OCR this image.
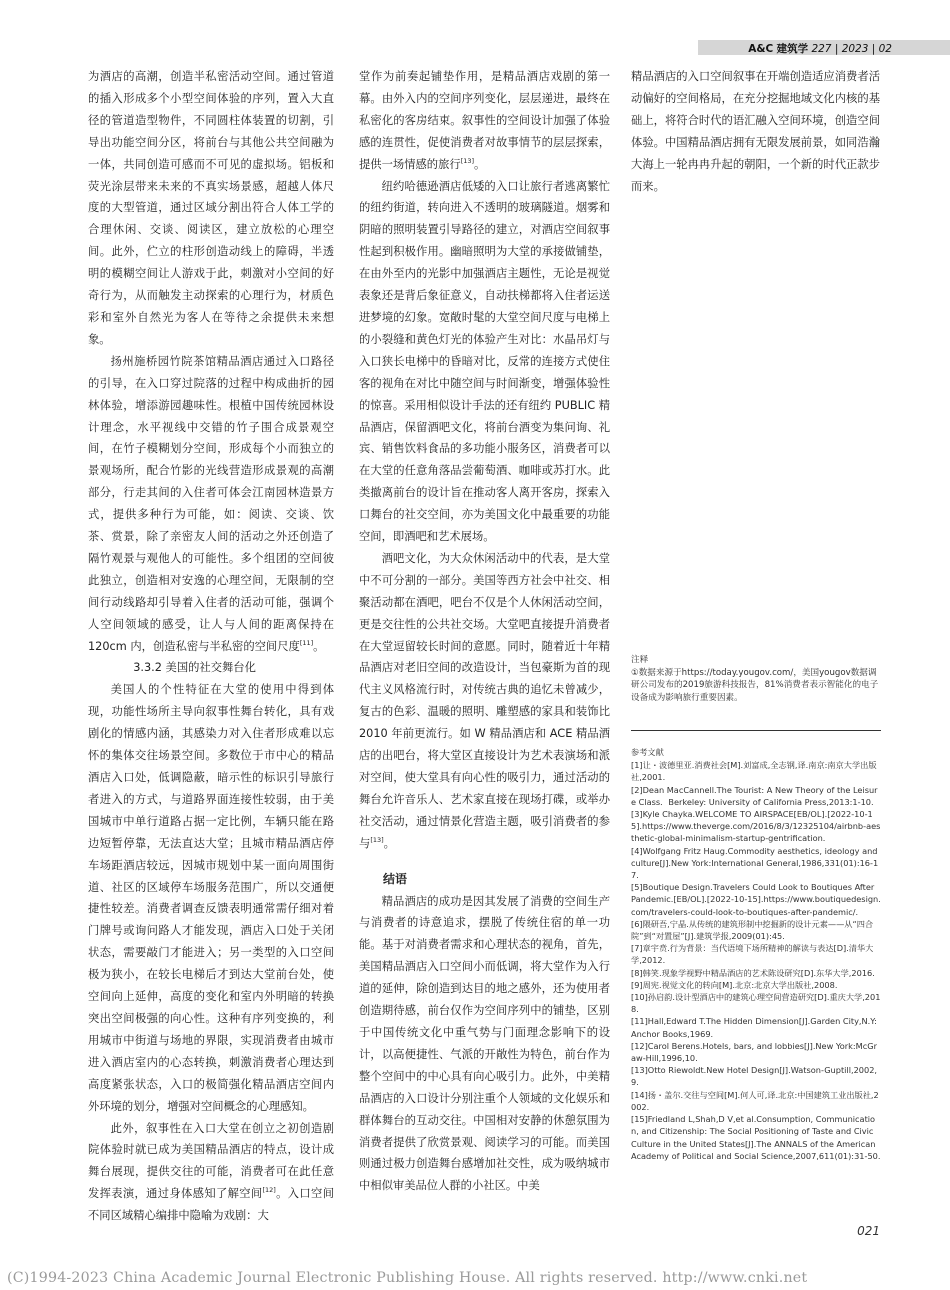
A&C 建筑学 227 | 2023 | 02

为酒店的高潮，创造半私密活动空间。通过管道的插入形成多个小型空间体验的序列，置入大直径的管道造型物件，不同圆柱体装置的切割，引导出功能空间分区，将前台与其他公共空间融为一体，共同创造可感而不可见的虚拟场。铝板和荧光涂层带来未来的不真实场景感，超越人体尺度的大型管道，通过区域分割出符合人体工学的合理休闲、交谈、阅读区，建立放松的心理空间。此外，伫立的柱形创造动线上的障碍，半透明的模糊空间让人游戏于此，刺激对小空间的好奇行为，从而触发主动探索的心理行为，材质色彩和室外自然光为客人在等待之余提供未来想象。

扬州施桥园竹院茶馆精品酒店通过入口路径的引导，在入口穿过院落的过程中构成曲折的园林体验，增添游园趣味性。根植中国传统园林设计理念，水平视线中交错的竹子围合成景观空间，在竹子模糊划分空间，形成每个小而独立的景观场所，配合竹影的光线营造形成景观的高潮部分，行走其间的入住者可体会江南园林造景方式，提供多种行为可能，如：阅读、交谈、饮茶、赏景，除了亲密友人间的活动之外还创造了隔竹观景与观他人的可能性。多个组团的空间彼此独立，创造相对安逸的心理空间，无限制的空间行动线路却引导着入住者的活动可能，强调个人空间领域的感受，让人与人间的距离保持在 120cm 内，创造私密与半私密的空间尺度[11]。

3.3.2 美国的社交舞台化

美国人的个性特征在大堂的使用中得到体现，功能性场所主导向叙事性舞台转化，具有戏剧化的情感内涵，其感染力对入住者形成难以忘怀的集体交往场景空间。多数位于市中心的精品酒店入口处，低调隐蔽，暗示性的标识引导旅行者进入的方式，与道路界面连接性较弱，由于美国城市中单行道路占据一定比例，车辆只能在路边短暂停靠，无法直达大堂；且城市精品酒店停车场距酒店较远，因城市规划中某一面向周围街道、社区的区域停车场服务范围广，所以交通便捷性较差。消费者调查反馈表明通常需仔细对着门牌号或询问路人才能发现，酒店入口处于关闭状态，需要敲门才能进入；另一类型的入口空间极为狭小，在较长电梯后才到达大堂前台处，使空间向上延伸，高度的变化和室内外明暗的转换突出空间极强的向心性。这种有序列变换的，利用城市中街道与场地的界限，实现消费者由城市进入酒店室内的心态转换，刺激消费者心理达到高度紧张状态，入口的极简强化精品酒店空间内外环境的划分，增强对空间概念的心理感知。

此外，叙事性在入口大堂在创立之初创造剧院体验时就已成为美国精品酒店的特点，设计成舞台展现，提供交往的可能，消费者可在此任意发挥表演，通过身体感知了解空间[12]。入口空间不同区域精心编排中隐喻为戏剧：大

堂作为前奏起铺垫作用，是精品酒店戏剧的第一幕。由外入内的空间序列变化，层层递进，最终在私密化的客房结束。叙事性的空间设计加强了体验感的连贯性，促使消费者对故事情节的层层探索，提供一场情感的旅行[13]。

纽约哈德逊酒店低矮的入口让旅行者逃离繁忙的纽约街道，转向进入不透明的玻璃隧道。烟雾和阴暗的照明装置引导路径的建立，对酒店空间叙事性起到积极作用。幽暗照明为大堂的承接做铺垫，在由外至内的光影中加强酒店主题性，无论是视觉表象还是背后象征意义，自动扶梯都将入住者运送进梦境的幻象。宽敞时髦的大堂空间尺度与电梯上的小裂缝和黄色灯光的体验产生对比：水晶吊灯与入口狭长电梯中的昏暗对比，反常的连接方式使住客的视角在对比中随空间与时间渐变，增强体验性的惊喜。采用相似设计手法的还有纽约 PUBLIC 精品酒店，保留酒吧文化，将前台酒变为集问询、礼宾、销售饮料食品的多功能小服务区，消费者可以在大堂的任意角落品尝葡萄酒、咖啡或苏打水。此类撤离前台的设计旨在推动客人离开客房，探索入口舞台的社交空间，亦为美国文化中最重要的功能空间，即酒吧和艺术展场。

酒吧文化，为大众休闲活动中的代表，是大堂中不可分割的一部分。美国等西方社会中社交、相聚活动都在酒吧，吧台不仅是个人休闲活动空间，更是交往性的公共社交场。大堂吧直接提升消费者在大堂逗留较长时间的意愿。同时，随着近十年精品酒店对老旧空间的改造设计，当包豪斯为首的现代主义风格流行时，对传统古典的追忆未曾减少，复古的色彩、温暖的照明、雕塑感的家具和装饰比 2010 年前更流行。如 W 精品酒店和 ACE 精品酒店的出吧台，将大堂区直接设计为艺术表演场和派对空间，使大堂具有向心性的吸引力，通过活动的舞台允许音乐人、艺术家直接在现场打碟，或举办社交活动，通过情景化营造主题，吸引消费者的参与[13]。

结语

精品酒店的成功是因其发展了消费的空间生产与消费者的诗意追求，摆脱了传统住宿的单一功能。基于对消费者需求和心理状态的视角，首先，美国精品酒店入口空间小而低调，将大堂作为入行道的延伸，除创造到达目的地之感外，还为使用者创造期待感，前台仅作为空间序列中的铺垫，区别于中国传统文化中重气势与门面理念影响下的设计，以高便捷性、气派的开敞性为特色，前台作为整个空间中的中心具有向心吸引力。此外，中美精品酒店的入口设计分别注重个人领域的文化娱乐和群体舞台的互动交往。中国相对安静的休憩氛围为消费者提供了欣赏景观、阅读学习的可能。而美国则通过极力创造舞台感增加社交性，成为吸纳城市中相似审美品位人群的小社区。中美

精品酒店的入口空间叙事在开端创造适应消费者活动偏好的空间格局，在充分挖掘地域文化内核的基础上，将符合时代的语汇融入空间环境，创造空间体验。中国精品酒店拥有无限发展前景，如同浩瀚大海上一轮冉冉升起的朝阳，一个新的时代正款步而来。

注释

①数据来源于https://today.yougov.com/，美国yougov数据调研公司发布的2019旅游科技报告，81%消费者表示智能化的电子设备成为影响旅行重要因素。

参考文献

[1]让・波德里亚.消费社会[M].刘富成,全志钢,译.南京:南京大学出版社,2001.

[2]Dean MacCannell.The Tourist: A New Theory of the Leisure Class．Berkeley: University of California Press,2013:1-10.

[3]Kyle Chayka.WELCOME TO AIRSPACE[EB/OL].[2022-10-15].https://www.theverge.com/2016/8/3/12325104/airbnb-aesthetic-global-minimalism-startup-gentrification.

[4]Wolfgang Fritz Haug.Commodity aesthetics, ideology and culture[J].New York:International General,1986,331(01):16-17.

[5]Boutique Design.Travelers Could Look to Boutiques After Pandemic.[EB/OL].[2022-10-15].https://www.boutiquedesign.com/travelers-could-look-to-boutiques-after-pandemic/.

[6]隈研吾,宁晶.从传统的建筑形制中挖掘新的设计元素——从“四合院”到“对置屋”[J].建筑学报,2009(01):45.

[7]章宇贲.行为背景：当代语境下场所精神的解读与表达[D].清华大学,2012.

[8]韩笑.现象学视野中精品酒店的艺术陈设研究[D].东华大学,2016.

[9]周宪.视觉文化的转向[M].北京:北京大学出版社,2008.

[10]孙启韵.设计型酒店中的建筑心理空间营造研究[D].重庆大学,2018.

[11]Hall,Edward T.The Hidden Dimension[J].Garden City,N.Y:Anchor Books,1969.

[12]Carol Berens.Hotels, bars, and lobbies[J].New York:McGraw-Hill,1996,10.

[13]Otto Riewoldt.New Hotel Design[J].Watson-Guptill,2002,9.

[14]扬・盖尔.交往与空间[M].何人可,译.北京:中国建筑工业出版社,2002.

[15]Friedland L,Shah,D V,et al.Consumption, Communication, and Citizenship: The Social Positioning of Taste and Civic Culture in the United States[J].The ANNALS of the American Academy of Political and Social Science,2007,611(01):31-50.

021
(C)1994-2023 China Academic Journal Electronic Publishing House. All rights reserved. http://www.cnki.net
